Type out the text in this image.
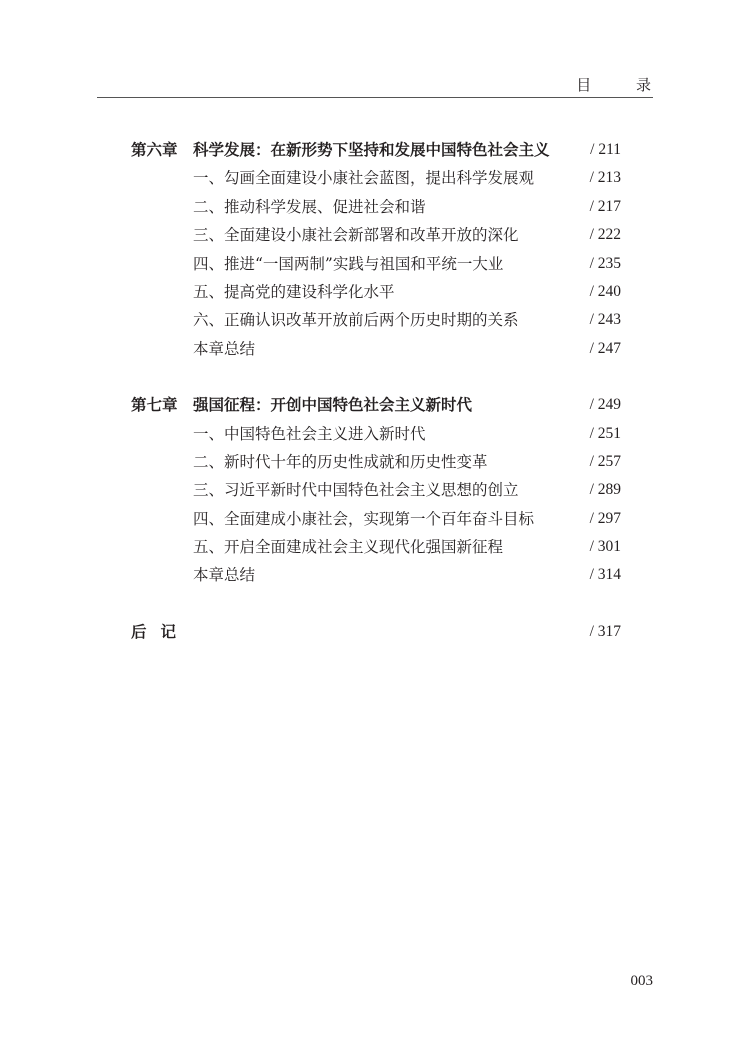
目 录
第六章 科学发展：在新形势下坚持和发展中国特色社会主义	/ 211
一、勾画全面建设小康社会蓝图，提出科学发展观	/ 213
二、推动科学发展、促进社会和谐	/ 217
三、全面建设小康社会新部署和改革开放的深化	/ 222
四、推进“一国两制”实践与祖国和平统一大业	/ 235
五、提高党的建设科学化水平	/ 240
六、正确认识改革开放前后两个历史时期的关系	/ 243
本章总结	/ 247
第七章 强国征程：开创中国特色社会主义新时代	/ 249
一、中国特色社会主义进入新时代	/ 251
二、新时代十年的历史性成就和历史性变革	/ 257
三、习近平新时代中国特色社会主义思想的创立	/ 289
四、全面建成小康社会，实现第一个百年奋斗目标	/ 297
五、开启全面建成社会主义现代化强国新征程	/ 301
本章总结	/ 314
后记	/ 317
003
